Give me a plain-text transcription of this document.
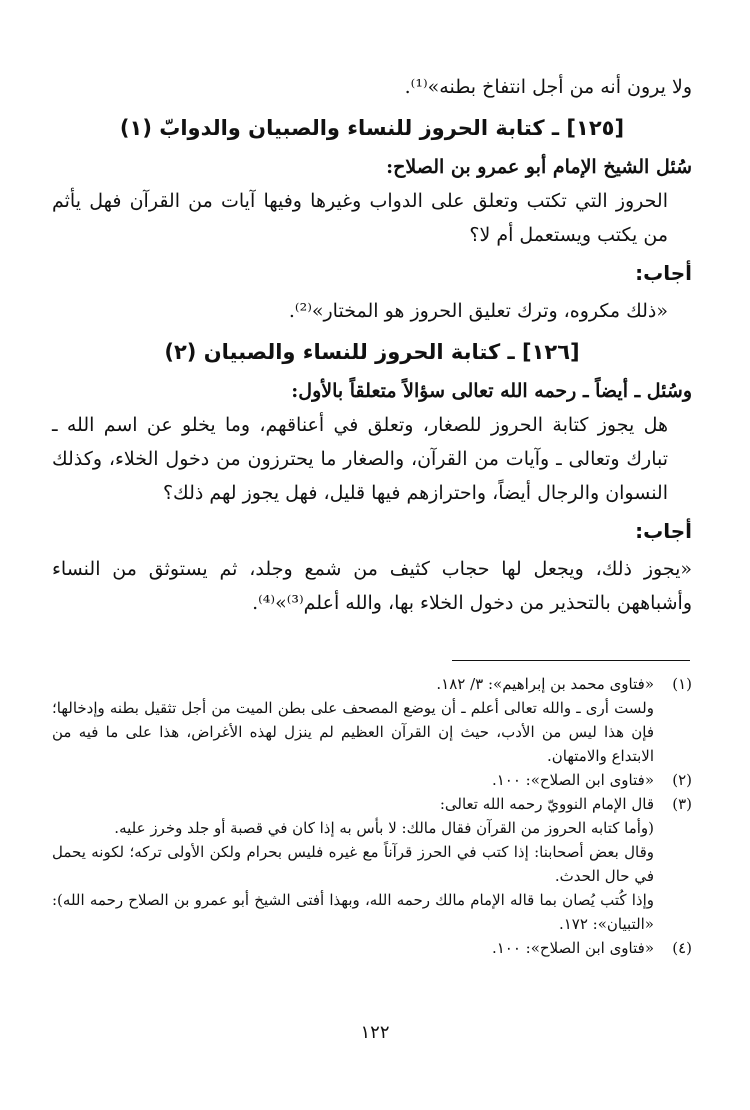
ولا يرون أنه من أجل انتفاخ بطنه»⁽¹⁾.

[١٢٥] ـ كتابة الحروز للنساء والصبيان والدوابّ (١)

سُئل الشيخ الإمام أبو عمرو بن الصلاح:

الحروز التي تكتب وتعلق على الدواب وغيرها وفيها آيات من القرآن فهل يأثم من يكتب ويستعمل أم لا؟

أجاب:

«ذلك مكروه، وترك تعليق الحروز هو المختار»⁽²⁾.

[١٢٦] ـ كتابة الحروز للنساء والصبيان (٢)

وسُئل ـ أيضاً ـ رحمه الله تعالى سؤالاً متعلقاً بالأول:

هل يجوز كتابة الحروز للصغار، وتعلق في أعناقهم، وما يخلو عن اسم الله ـ تبارك وتعالى ـ وآيات من القرآن، والصغار ما يحترزون من دخول الخلاء، وكذلك النسوان والرجال أيضاً، واحترازهم فيها قليل، فهل يجوز لهم ذلك؟

أجاب:

«يجوز ذلك، ويجعل لها حجاب كثيف من شمع وجلد، ثم يستوثق من النساء وأشباههن بالتحذير من دخول الخلاء بها، والله أعلم⁽³⁾»⁽⁴⁾.

(١)
«فتاوى محمد بن إبراهيم»: ٣/ ١٨٢.
ولست أرى ـ والله تعالى أعلم ـ أن يوضع المصحف على بطن الميت من أجل تثقيل بطنه وإدخالها؛ فإن هذا ليس من الأدب، حيث إن القرآن العظيم لم ينزل لهذه الأغراض، هذا على ما فيه من الابتداع والامتهان.
(٢)
«فتاوى ابن الصلاح»: ١٠٠.
(٣)
قال الإمام النوويّ رحمه الله تعالى:
(وأما كتابه الحروز من القرآن فقال مالك: لا بأس به إذا كان في قصبة أو جلد وخرز عليه.
وقال بعض أصحابنا: إذا كتب في الحرز قرآناً مع غيره فليس بحرام ولكن الأولى تركه؛ لكونه يحمل في حال الحدث.
وإذا كُتب يُصان بما قاله الإمام مالك رحمه الله، وبهذا أفتى الشيخ أبو عمرو بن الصلاح رحمه الله): «التبيان»: ١٧٢.
(٤)
«فتاوى ابن الصلاح»: ١٠٠.
١٢٢
